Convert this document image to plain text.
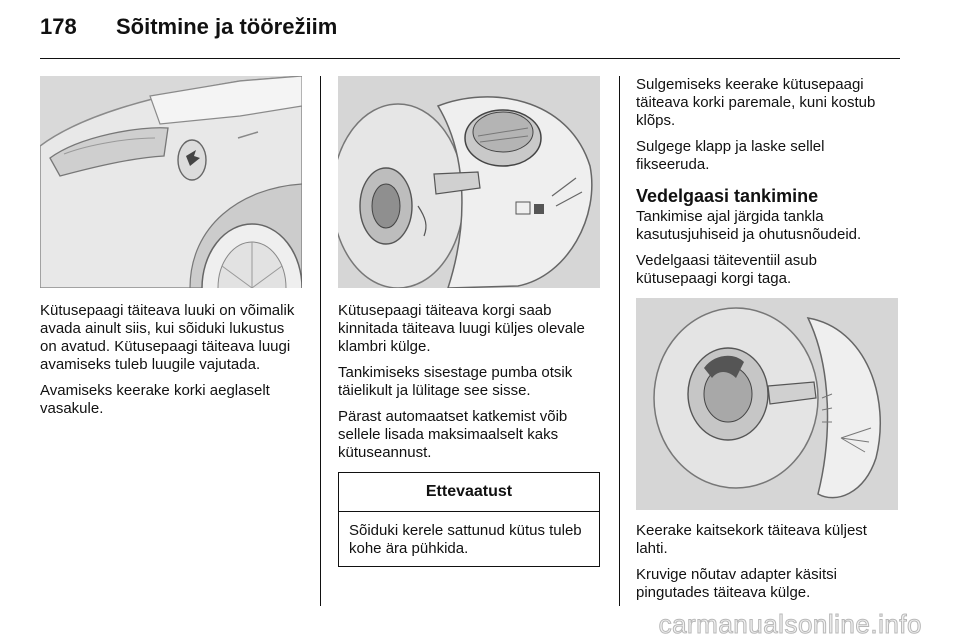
178	Sõitmine ja töörežiim

Kütusepaagi täiteava luuki on võimalik avada ainult siis, kui sõiduki lukustus on avatud. Kütusepaagi täiteava luugi avamiseks tuleb luugile vajutada.

Avamiseks keerake korki aeglaselt vasakule.

Kütusepaagi täiteava korgi saab kinnitada täiteava luugi küljes olevale klambri külge.

Tankimiseks sisestage pumba otsik täielikult ja lülitage see sisse.

Pärast automaatset katkemist võib sellele lisada maksimaalselt kaks kütuseannust.

Ettevaatust
Sõiduki kerele sattunud kütus tuleb kohe ära pühkida.

Sulgemiseks keerake kütusepaagi täiteava korki paremale, kuni kostub klõps.

Sulgege klapp ja laske sellel fikseeruda.

Vedelgaasi tankimine

Tankimise ajal järgida tankla kasutusjuhiseid ja ohutusnõudeid.

Vedelgaasi täiteventiil asub kütusepaagi korgi taga.

Keerake kaitsekork täiteava küljest lahti.

Kruvige nõutav adapter käsitsi pingutades täiteava külge.

carmanualsonline.info
